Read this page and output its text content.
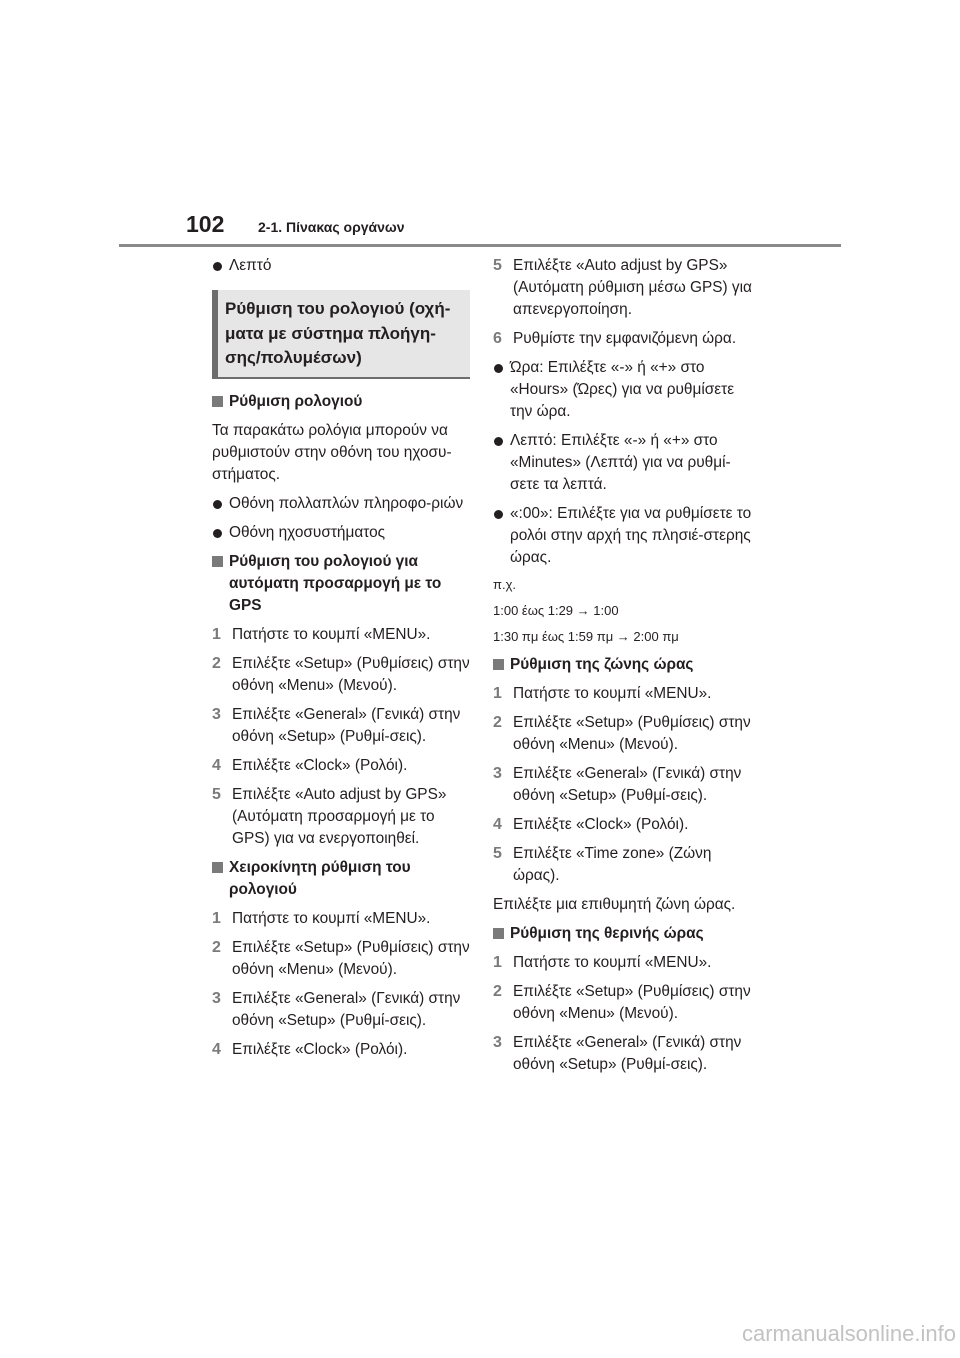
102 2-1. Πίνακας οργάνων
Λεπτό
Ρύθμιση του ρολογιού (οχή-
ματα με σύστημα πλοήγη-
σης/πολυμέσων)
Ρύθμιση ρολογιού
Τα παρακάτω ρολόγια μπορούν να ρυθμιστούν στην οθόνη του ηχοσυ-στήματος.
Οθόνη πολλαπλών πληροφο-ριών
Οθόνη ηχοσυστήματος
Ρύθμιση του ρολογιού για αυτόματη προσαρμογή με το GPS
1 Πατήστε το κουμπί «MENU».
2 Επιλέξτε «Setup» (Ρυθμίσεις) στην οθόνη «Menu» (Μενού).
3 Επιλέξτε «General» (Γενικά) στην οθόνη «Setup» (Ρυθμί-σεις).
4 Επιλέξτε «Clock» (Ρολόι).
5 Επιλέξτε «Auto adjust by GPS» (Αυτόματη προσαρμογή με το GPS) για να ενεργοποιηθεί.
Χειροκίνητη ρύθμιση του ρολογιού
1 Πατήστε το κουμπί «MENU».
2 Επιλέξτε «Setup» (Ρυθμίσεις) στην οθόνη «Menu» (Μενού).
3 Επιλέξτε «General» (Γενικά) στην οθόνη «Setup» (Ρυθμί-σεις).
4 Επιλέξτε «Clock» (Ρολόι).
5 Επιλέξτε «Auto adjust by GPS» (Αυτόματη ρύθμιση μέσω GPS) για απενεργοποίηση.
6 Ρυθμίστε την εμφανιζόμενη ώρα.
Ώρα: Επιλέξτε «-» ή «+» στο «Hours» (Ώρες) για να ρυθμίσετε την ώρα.
Λεπτό: Επιλέξτε «-» ή «+» στο «Minutes» (Λεπτά) για να ρυθμί-σετε τα λεπτά.
«:00»: Επιλέξτε για να ρυθμίσετε το ρολόι στην αρχή της πλησιέ-στερης ώρας.
π.χ.
1:00 έως 1:29 → 1:00
1:30 πμ έως 1:59 πμ → 2:00 πμ
Ρύθμιση της ζώνης ώρας
1 Πατήστε το κουμπί «MENU».
2 Επιλέξτε «Setup» (Ρυθμίσεις) στην οθόνη «Menu» (Μενού).
3 Επιλέξτε «General» (Γενικά) στην οθόνη «Setup» (Ρυθμί-σεις).
4 Επιλέξτε «Clock» (Ρολόι).
5 Επιλέξτε «Time zone» (Ζώνη ώρας).
Επιλέξτε μια επιθυμητή ζώνη ώρας.
Ρύθμιση της θερινής ώρας
1 Πατήστε το κουμπί «MENU».
2 Επιλέξτε «Setup» (Ρυθμίσεις) στην οθόνη «Menu» (Μενού).
3 Επιλέξτε «General» (Γενικά) στην οθόνη «Setup» (Ρυθμί-σεις).
carmanualsonline.info
